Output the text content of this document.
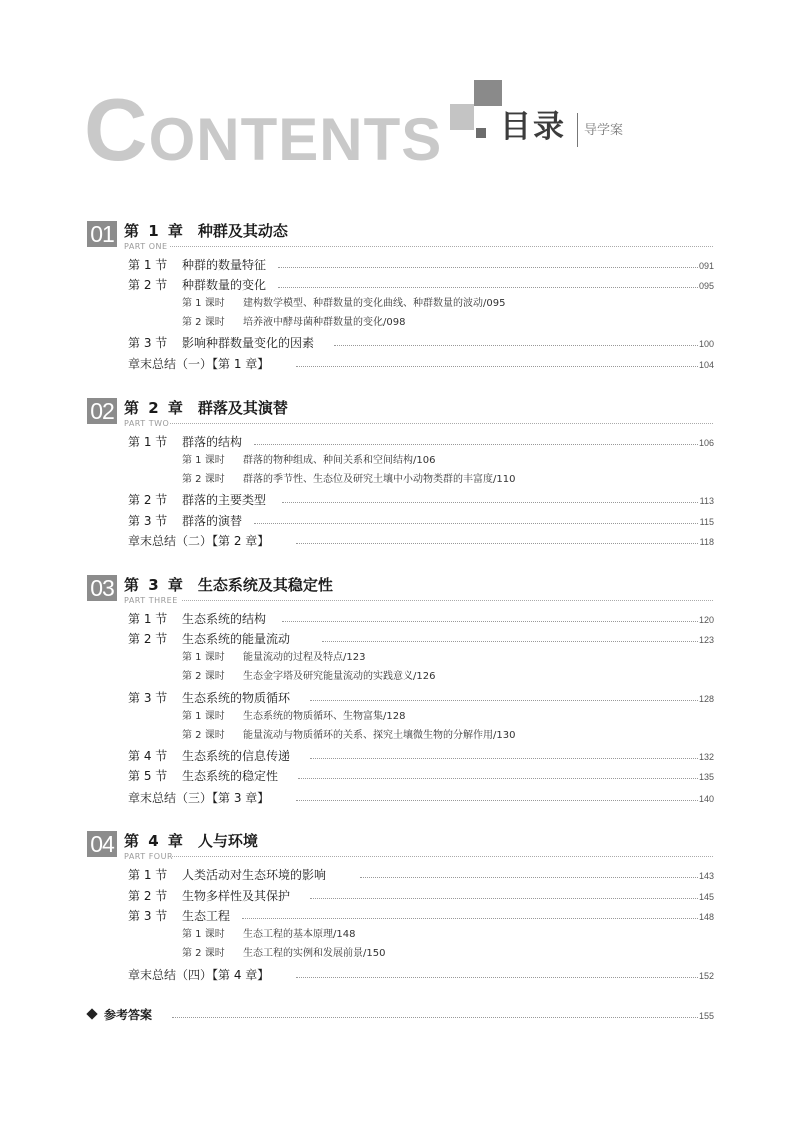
CONTENTS 目录 导学案
01 第 1 章　种群及其动态
PART ONE
第 1 节 种群的数量特征	091
第 2 节 种群数量的变化	095
第 1 课时 建构数学模型、种群数量的变化曲线、种群数量的波动/095
第 2 课时 培养液中酵母菌种群数量的变化/098
第 3 节 影响种群数量变化的因素	100
章末总结（一）【第 1 章】	104
02 第 2 章　群落及其演替
PART TWO
第 1 节 群落的结构	106
第 1 课时 群落的物种组成、种间关系和空间结构/106
第 2 课时 群落的季节性、生态位及研究土壤中小动物类群的丰富度/110
第 2 节 群落的主要类型	113
第 3 节 群落的演替	115
章末总结（二）【第 2 章】	118
03 第 3 章　生态系统及其稳定性
PART THREE
第 1 节 生态系统的结构	120
第 2 节 生态系统的能量流动	123
第 1 课时 能量流动的过程及特点/123
第 2 课时 生态金字塔及研究能量流动的实践意义/126
第 3 节 生态系统的物质循环	128
第 1 课时 生态系统的物质循环、生物富集/128
第 2 课时 能量流动与物质循环的关系、探究土壤微生物的分解作用/130
第 4 节 生态系统的信息传递	132
第 5 节 生态系统的稳定性	135
章末总结（三）【第 3 章】	140
04 第 4 章　人与环境
PART FOUR
第 1 节 人类活动对生态环境的影响	143
第 2 节 生物多样性及其保护	145
第 3 节 生态工程	148
第 1 课时 生态工程的基本原理/148
第 2 课时 生态工程的实例和发展前景/150
章末总结（四）【第 4 章】	152
参考答案	155
